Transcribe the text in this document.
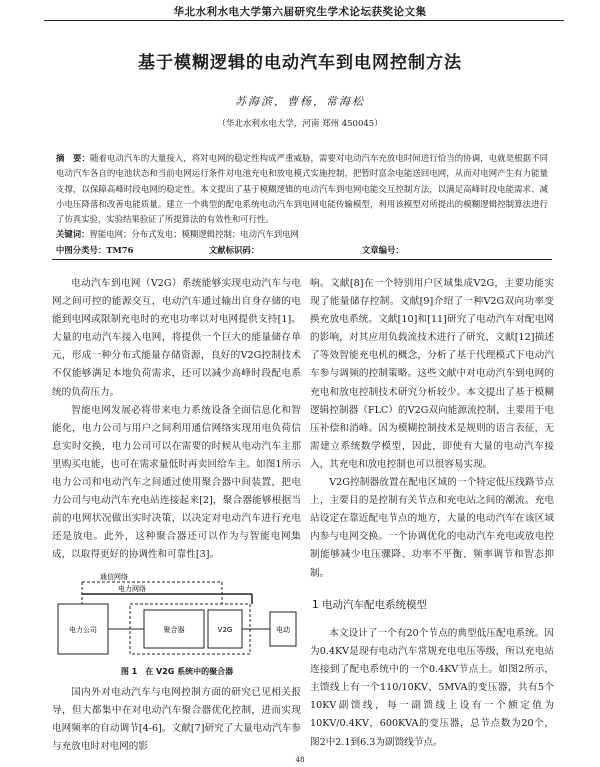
华北水利水电大学第六届研究生学术论坛获奖论文集
基于模糊逻辑的电动汽车到电网控制方法
苏海滨，曹杨，常海松
（华北水利水电大学，河南 郑州 450045）
摘　要：随着电动汽车的大量接入，将对电网的稳定性构成严重威胁，需要对电动汽车充放电时间进行恰当的协调，电就是根据不同电动汽车各自的电池状态和当前电网运行条件对电池充电和放电模式实施控制，把暂时富余电能送回电网，从而对电网产生有力能量支撑，以保障高峰时段电网的稳定性。本文提出了基于模糊逻辑的电动汽车到电网电能交互控制方法，以满足高峰时段电能需求、减小电压降落和改善电能质量。建立一个典型的配电系统电动汽车到电网电能传输模型，利用该模型对所提出的模糊逻辑控制算法进行了仿真实验，实验结果验证了所提算法的有效性和可行性。
关键词：智能电网；分布式发电；模糊逻辑控制；电动汽车到电网
中图分类号：TM76	文献标识码：	文章编号：

电动汽车到电网（V2G）系统能够实现电动汽车与电网之间可控的能源交互，电动汽车通过输出自身存储的电能到电网或限制充电时的充电功率以对电网提供支持[1]。大量的电动汽车接入电网，将提供一个巨大的能量储存单元，形成一种分布式能量存储资源，良好的V2G控制技术不仅能够满足本地负荷需求，还可以减少高峰时段配电系统的负荷压力。

智能电网发展必将带来电力系统设备全面信息化和智能化，电力公司与用户之间利用通信网络实现用电负荷信息实时交换，电力公司可以在需要的时候从电动汽车主那里购买电能，也可在需求量低时再卖回给车主。如图1所示电力公司和电动汽车之间通过使用聚合器中间装置，把电力公司与电动汽车充电站连接起来[2]，聚合器能够根据当前的电网状况做出实时决策，以决定对电动汽车进行充电还是放电。此外，这种聚合器还可以作为与智能电网集成，以取得更好的协调性和可靠性[3]。

通信网络
电力网络
电力公司	聚合器	V2G	电动
图 1　在 V2G 系统中的聚合器

国内外对电动汽车与电网控制方面的研究已见相关报导，但大都集中在对电动汽车聚合器优化控制，进而实现电网频率的自动调节[4-6]。文献[7]研究了大量电动汽车参与充放电时对电网的影

响。文献[8]在一个特别用户区域集成V2G，主要功能实现了能量储存控制。文献[9]介绍了一种V2G双向功率变换充放电系统。文献[10]和[11]研究了电动汽车对配电网的影响，对其应用负载流技术进行了研究，文献[12]描述了等效智能充电机的概念，分析了基于代理模式下电动汽车参与调频的控制策略。这些文献中对电动汽车到电网的充电和放电控制技术研究分析较少。本文提出了基于模糊逻辑控制器（FLC）的V2G双向能源流控制，主要用于电压补偿和消峰。因为模糊控制技术是规则的语言表征，无需建立系统数学模型，因此，即使有大量的电动汽车接入，其充电和放电控制也可以很容易实现。

V2G控制器放置在配电区域的一个特定低压线路节点上，主要目的是控制有关节点和充电站之间的潮流。充电站设定在靠近配电节点的地方，大量的电动汽车在该区域内参与电网交换。一个协调优化的电动汽车充电或放电控制能够减少电压骤降、功率不平衡、频率调节和智态抑制。

1 电动汽车配电系统模型

本文设计了一个有20个节点的典型低压配电系统。因为0.4KV是现有电动汽车常规充电电压等级，所以充电站连接到了配电系统中的一个0.4KV节点上。如图2所示，主馈线上有一个110/10KV、5MVA的变压器，共有5个10KV副馈线，每一副馈线上设有一个额定值为10KV/0.4KV，600KVA的变压器，总节点数为20个，图2中2.1到6.3为副馈线节点。

48
